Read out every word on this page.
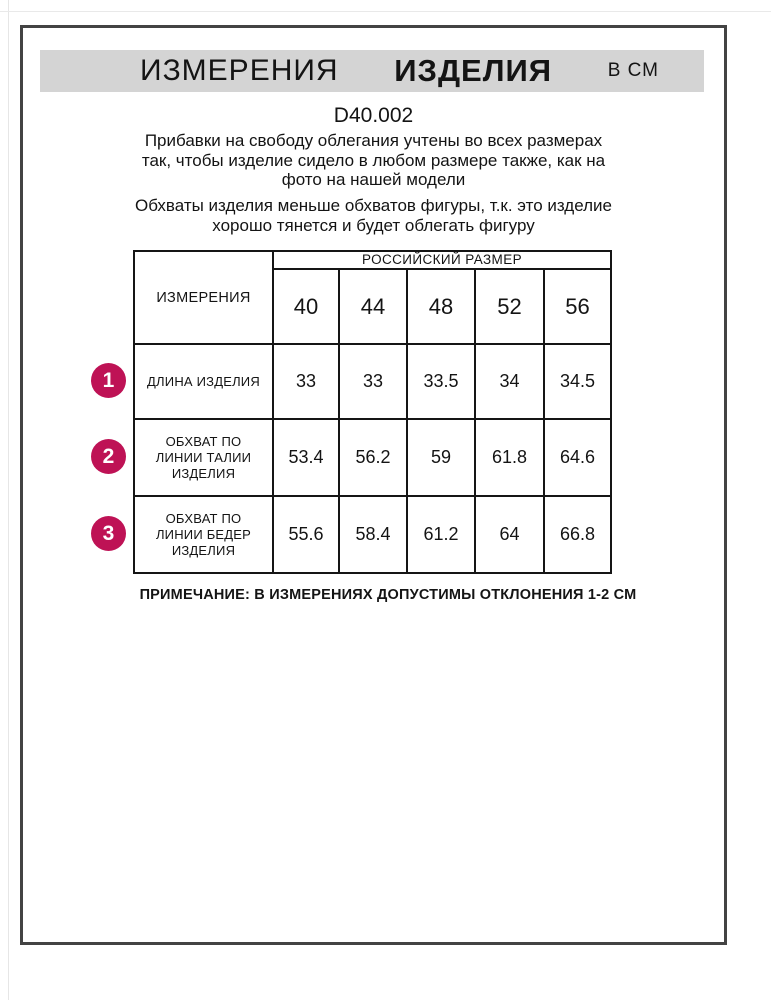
ИЗМЕРЕНИЯ ИЗДЕЛИЯ	В СМ
D40.002
Прибавки на свободу облегания учтены во всех размерах
так, чтобы изделие сидело в любом размере также, как на
фото на нашей модели
Обхваты изделия меньше обхватов фигуры, т.к. это изделие
хорошо тянется и будет облегать фигуру
ИЗМЕРЕНИЯ	РОССИЙСКИЙ РАЗМЕР				
	40	44	48	52	56
ДЛИНА ИЗДЕЛИЯ	33	33	33.5	34	34.5
ОБХВАТ ПО ЛИНИИ ТАЛИИ ИЗДЕЛИЯ	53.4	56.2	59	61.8	64.6
ОБХВАТ ПО ЛИНИИ БЕДЕР ИЗДЕЛИЯ	55.6	58.4	61.2	64	66.8
1
2
3
ПРИМЕЧАНИЕ: В ИЗМЕРЕНИЯХ ДОПУСТИМЫ ОТКЛОНЕНИЯ 1-2 СМ
